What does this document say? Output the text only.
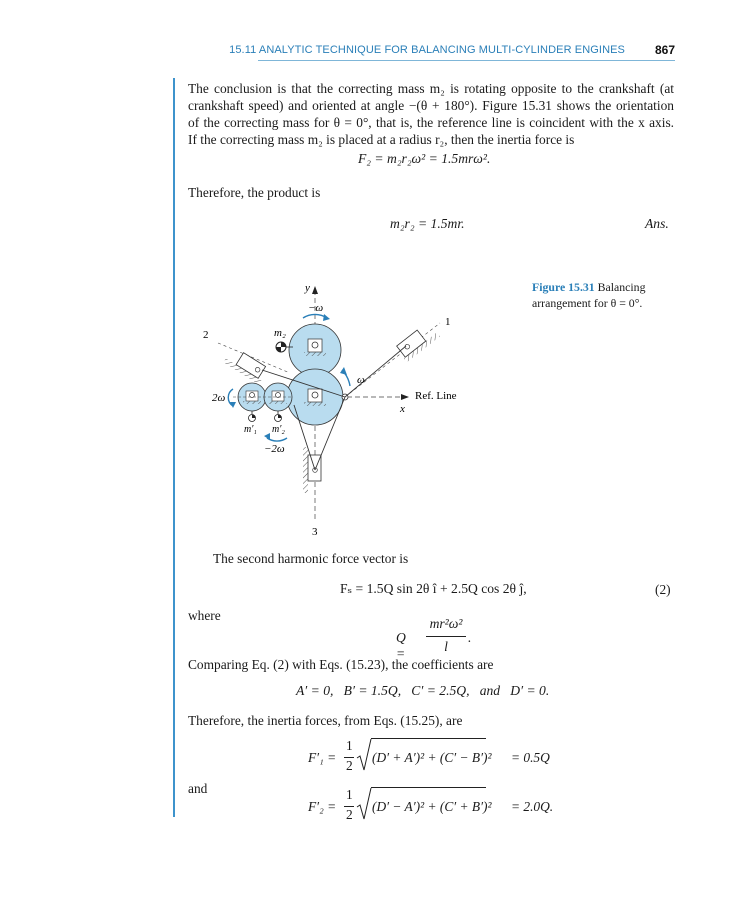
15.11 ANALYTIC TECHNIQUE FOR BALANCING MULTI-CYLINDER ENGINES 867
The conclusion is that the correcting mass m₂ is rotating opposite to the crankshaft (at
crankshaft speed) and oriented at angle −(θ + 180°). Figure 15.31 shows the orientation
of the correcting mass for θ = 0°, that is, the reference line is coincident with the x axis.
If the correcting mass m₂ is placed at a radius r₂, then the inertia force is
F₂ = m₂r₂ω² = 1.5mrω².
Therefore, the product is
m₂r₂ = 1.5mr.	Ans.
y
x
−ω
ω
m₂
m′₁ m′₂
2ω
−2ω
Ref. Line
1
2
3
Figure 15.31 Balancing
arrangement for θ = 0°.
The second harmonic force vector is
Fₛ = 1.5Q sin 2θ î + 2.5Q cos 2θ ĵ,	(2)
where
Q =
mr²ω²
l
.
Comparing Eq. (2) with Eqs. (15.23), the coefficients are
A′ = 0,   B′ = 1.5Q,   C′ = 2.5Q,   and   D′ = 0.
Therefore, the inertia forces, from Eqs. (15.25), are
F′₁ =
1
2
(D′ + A′)² + (C′ − B′)² = 0.5Q
and
F′₂ =
1
2
(D′ − A′)² + (C′ + B′)² = 2.0Q.
